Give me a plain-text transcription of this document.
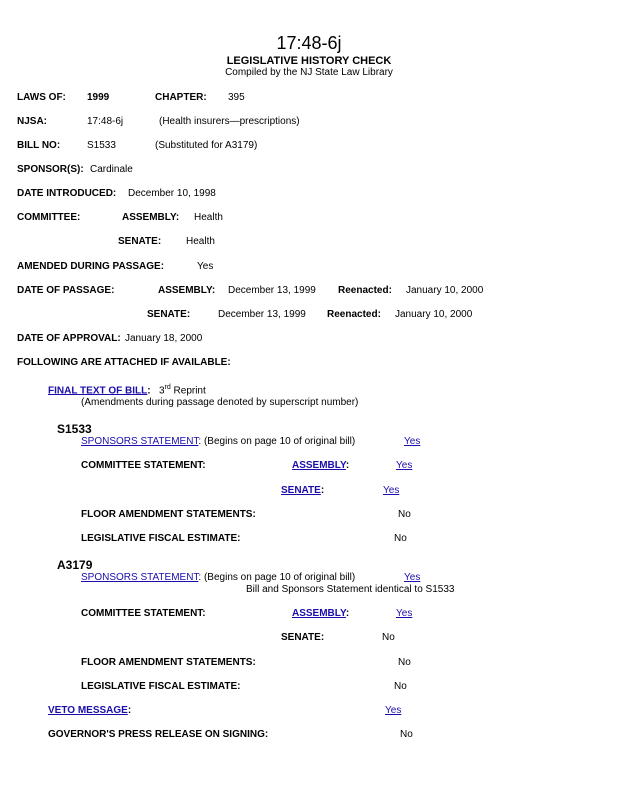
17:48-6j
LEGISLATIVE HISTORY CHECK
Compiled by the NJ State Law Library
LAWS OF: 1999	CHAPTER: 395
NJSA:	17:48-6j	(Health insurers—prescriptions)
BILL NO:	S1533	(Substituted for A3179)
SPONSOR(S): Cardinale
DATE INTRODUCED: December 10, 1998
COMMITTEE:	ASSEMBLY: Health
SENATE: Health
AMENDED DURING PASSAGE:	Yes
DATE OF PASSAGE:	ASSEMBLY: December 13, 1999 Reenacted: January 10, 2000
SENATE:	December 13, 1999 Reenacted: January 10, 2000
DATE OF APPROVAL: January 18, 2000
FOLLOWING ARE ATTACHED IF AVAILABLE:
FINAL TEXT OF BILL: 3rd Reprint
(Amendments during passage denoted by superscript number)
S1533
SPONSORS STATEMENT: (Begins on page 10 of original bill)	Yes
COMMITTEE STATEMENT:	ASSEMBLY:	Yes
SENATE:	Yes
FLOOR AMENDMENT STATEMENTS:	No
LEGISLATIVE FISCAL ESTIMATE:	No
A3179
SPONSORS STATEMENT: (Begins on page 10 of original bill)	Yes
Bill and Sponsors Statement identical to S1533
COMMITTEE STATEMENT:	ASSEMBLY:	Yes
SENATE:	No
FLOOR AMENDMENT STATEMENTS:	No
LEGISLATIVE FISCAL ESTIMATE:	No
VETO MESSAGE:	Yes
GOVERNOR'S PRESS RELEASE ON SIGNING:	No
